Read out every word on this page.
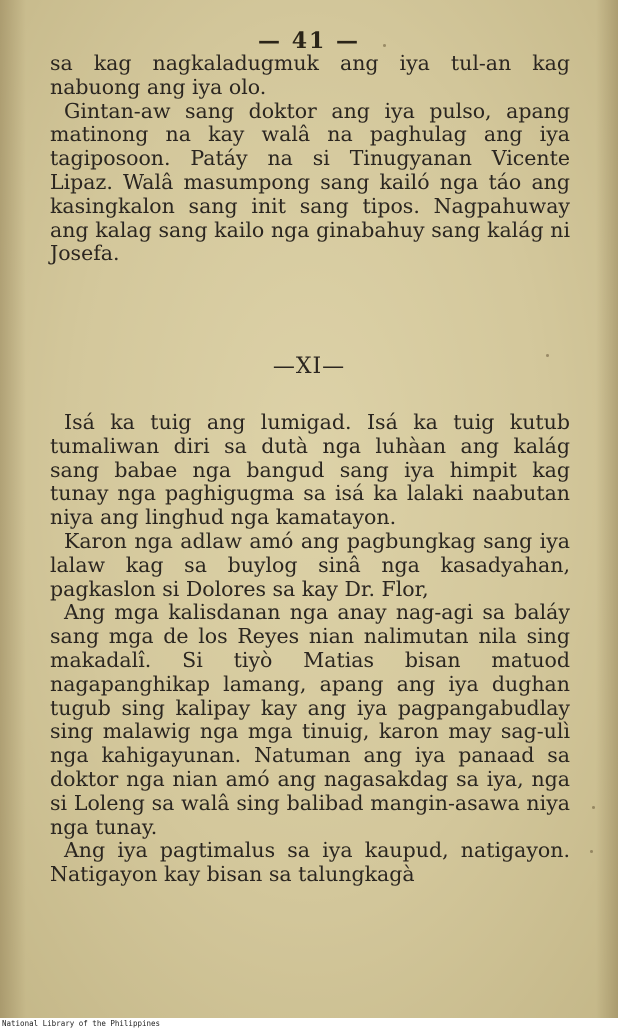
— 41 —

sa kag nagkaladugmuk ang iya tul-an kag nabuong ang iya olo.

Gintan-aw sang doktor ang iya pulso, apang matinong na kay walâ na paghulag ang iya tagiposoon. Patáy na si Tinugyanan Vicente Lipaz. Walâ masumpong sang kailó nga táo ang kasingkalon sang init sang tipos. Nagpahuway ang kalag sang kailo nga ginabahuy sang kalág ni Josefa.

—XI—

Isá ka tuig ang lumigad. Isá ka tuig kutub tumaliwan diri sa dutà nga luhàan ang kalág sang babae nga bangud sang iya himpit kag tunay nga paghigugma sa isá ka lalaki naabutan niya ang linghud nga kamatayon.

Karon nga adlaw amó ang pagbungkag sang iya lalaw kag sa buylog sinâ nga kasadyahan, pagkaslon si Dolores sa kay Dr. Flor,

Ang mga kalisdanan nga anay nag-agi sa baláy sang mga de los Reyes nian nalimutan nila sing makadalî. Si tiyò Matias bisan matuod nagapanghikap lamang, apang ang iya dughan tugub sing kalipay kay ang iya pagpangabudlay sing malawig nga mga tinuig, karon may sag-ulì nga kahigayunan. Natuman ang iya panaad sa doktor nga nian amó ang nagasakdag sa iya, nga si Loleng sa walâ sing balibad mangin-asawa niya nga tunay.

Ang iya pagtimalus sa iya kaupud, natigayon. Natigayon kay bisan sa talungkagà

National Library of the Philippines
